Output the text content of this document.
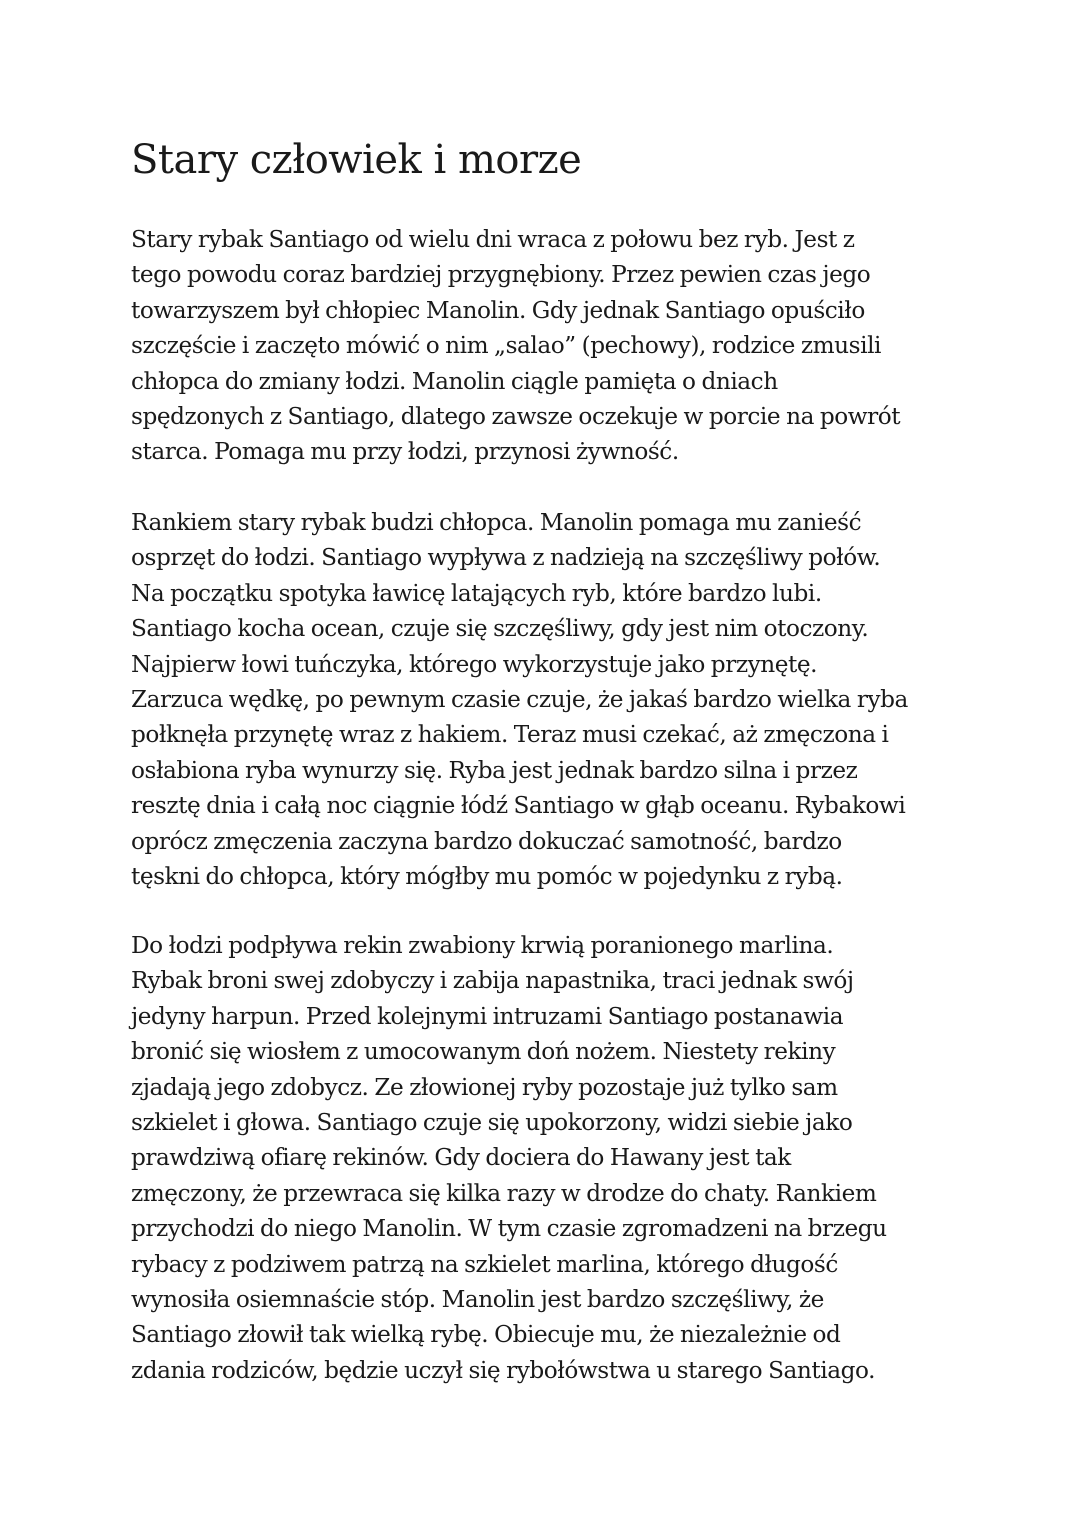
Stary człowiek i morze

Stary rybak Santiago od wielu dni wraca z połowu bez ryb. Jest z
tego powodu coraz bardziej przygnębiony. Przez pewien czas jego
towarzyszem był chłopiec Manolin. Gdy jednak Santiago opuściło
szczęście i zaczęto mówić o nim „salao” (pechowy), rodzice zmusili
chłopca do zmiany łodzi. Manolin ciągle pamięta o dniach
spędzonych z Santiago, dlatego zawsze oczekuje w porcie na powrót
starca. Pomaga mu przy łodzi, przynosi żywność.

Rankiem stary rybak budzi chłopca. Manolin pomaga mu zanieść
osprzęt do łodzi. Santiago wypływa z nadzieją na szczęśliwy połów.
Na początku spotyka ławicę latających ryb, które bardzo lubi.
Santiago kocha ocean, czuje się szczęśliwy, gdy jest nim otoczony.
Najpierw łowi tuńczyka, którego wykorzystuje jako przynętę.
Zarzuca wędkę, po pewnym czasie czuje, że jakaś bardzo wielka ryba
połknęła przynętę wraz z hakiem. Teraz musi czekać, aż zmęczona i
osłabiona ryba wynurzy się. Ryba jest jednak bardzo silna i przez
resztę dnia i całą noc ciągnie łódź Santiago w głąb oceanu. Rybakowi
oprócz zmęczenia zaczyna bardzo dokuczać samotność, bardzo
tęskni do chłopca, który mógłby mu pomóc w pojedynku z rybą.

Do łodzi podpływa rekin zwabiony krwią poranionego marlina.
Rybak broni swej zdobyczy i zabija napastnika, traci jednak swój
jedyny harpun. Przed kolejnymi intruzami Santiago postanawia
bronić się wiosłem z umocowanym doń nożem. Niestety rekiny
zjadają jego zdobycz. Ze złowionej ryby pozostaje już tylko sam
szkielet i głowa. Santiago czuje się upokorzony, widzi siebie jako
prawdziwą ofiarę rekinów. Gdy dociera do Hawany jest tak
zmęczony, że przewraca się kilka razy w drodze do chaty. Rankiem
przychodzi do niego Manolin. W tym czasie zgromadzeni na brzegu
rybacy z podziwem patrzą na szkielet marlina, którego długość
wynosiła osiemnaście stóp. Manolin jest bardzo szczęśliwy, że
Santiago złowił tak wielką rybę. Obiecuje mu, że niezależnie od
zdania rodziców, będzie uczył się rybołówstwa u starego Santiago.
